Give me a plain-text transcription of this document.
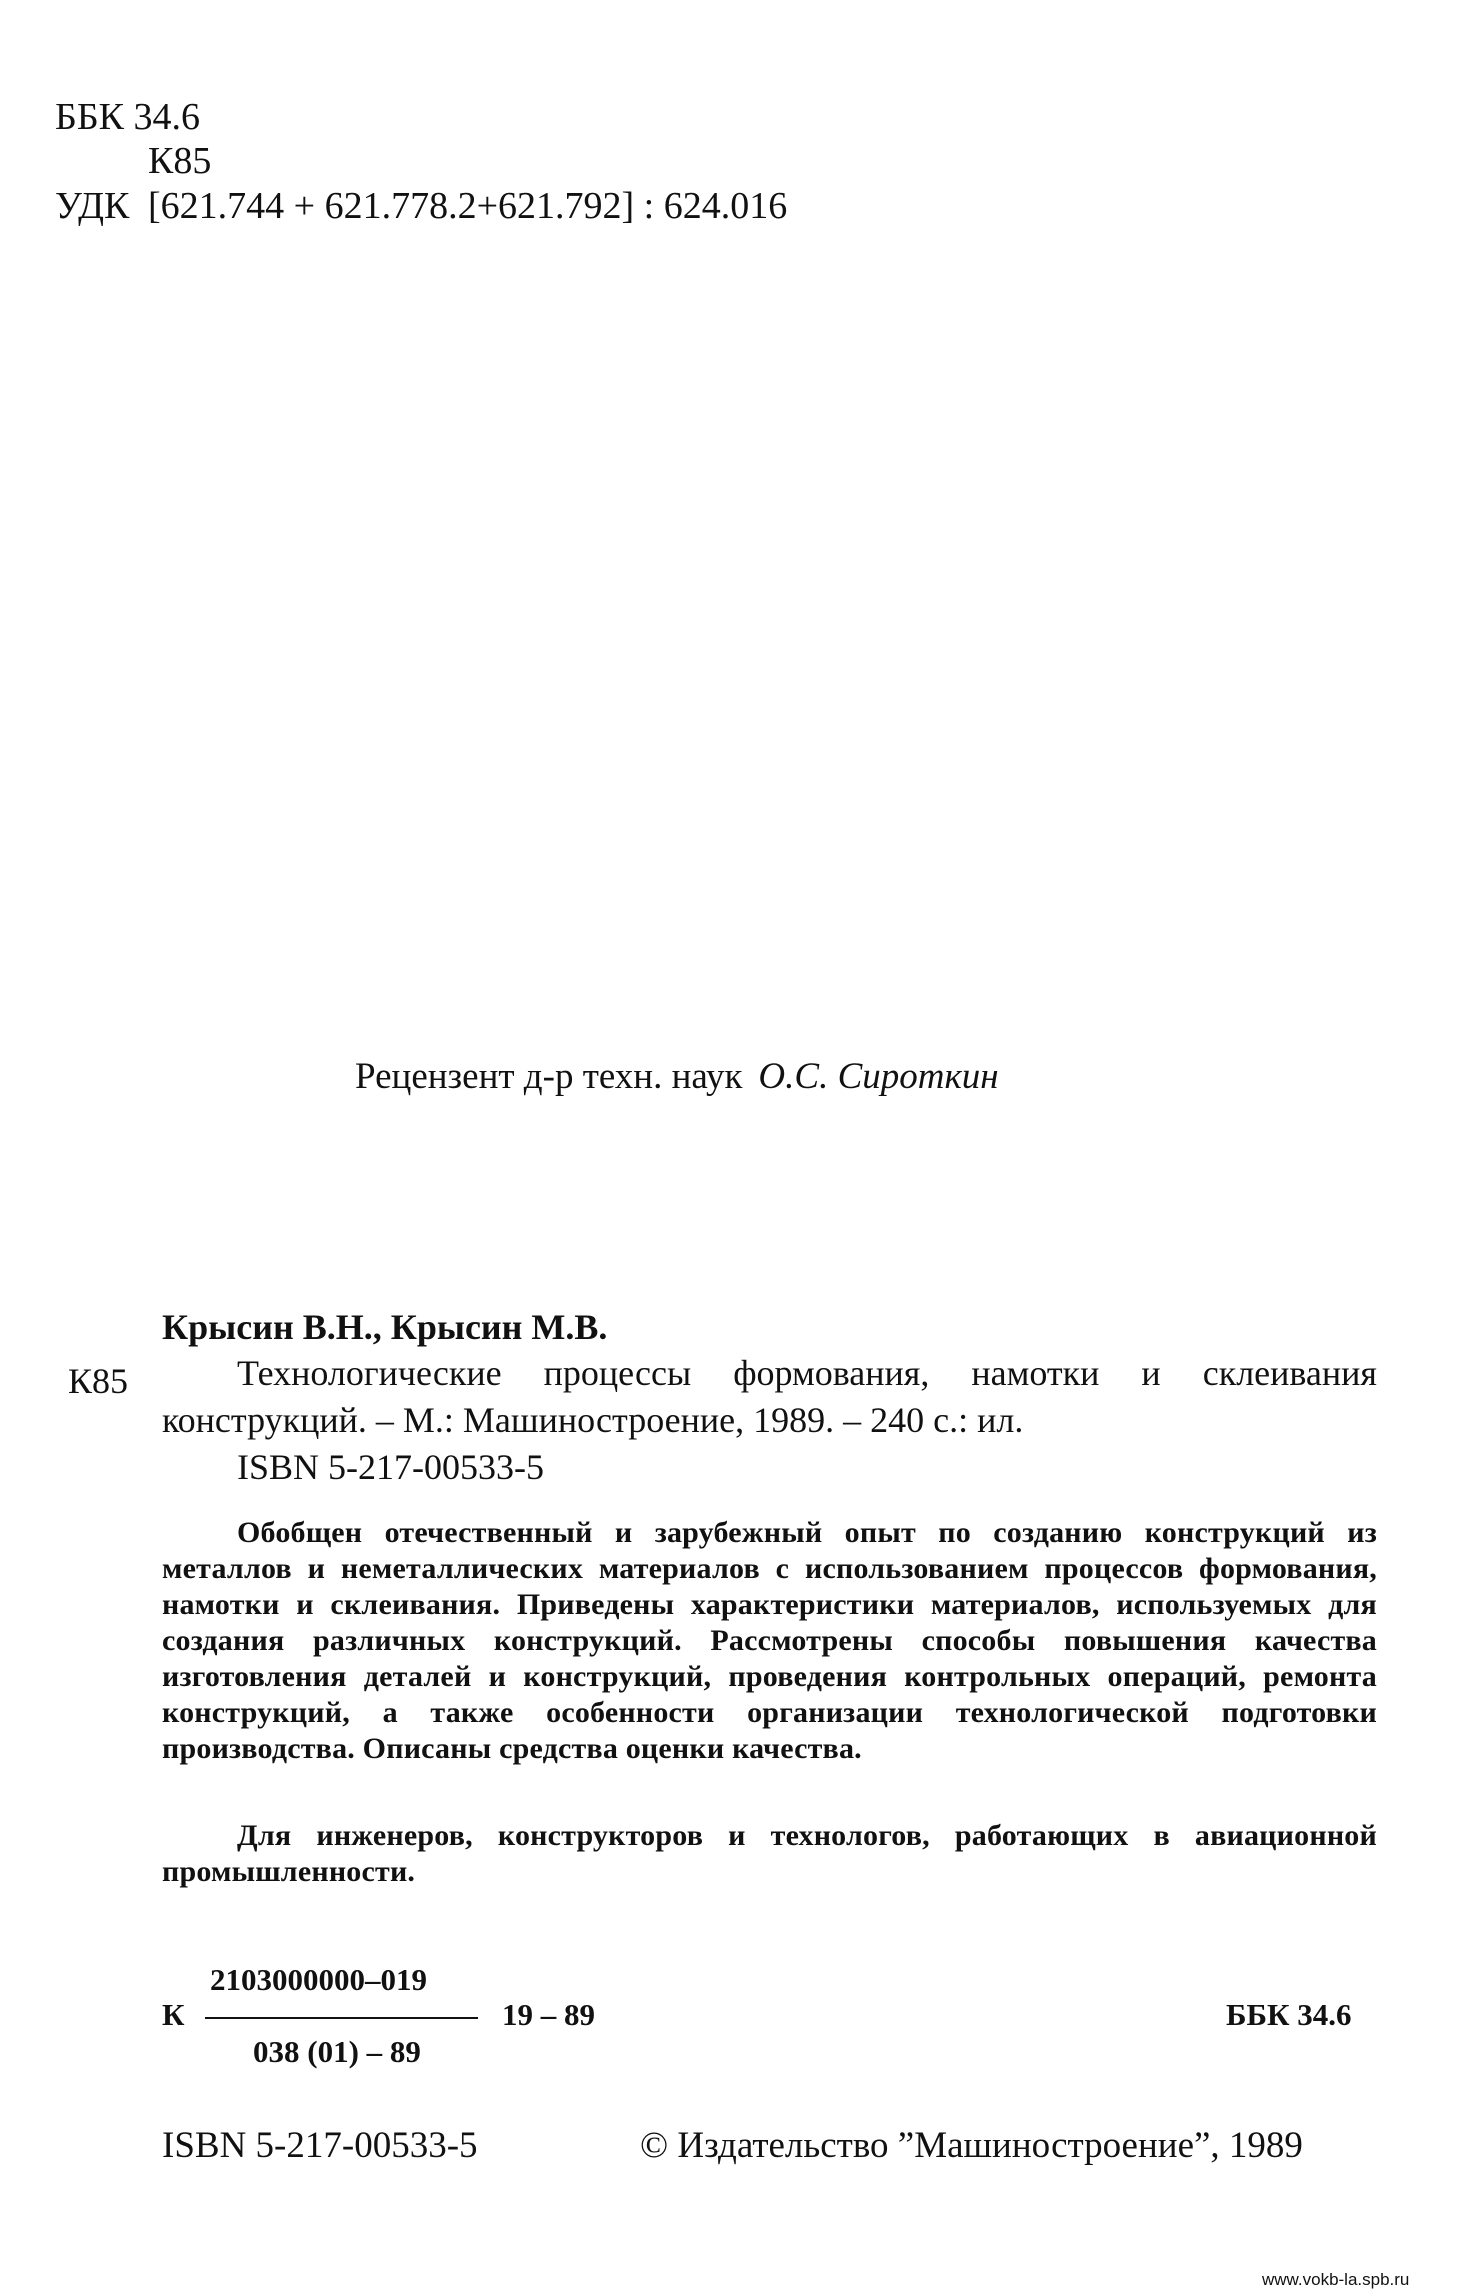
ББК 34.6
К85
УДК [621.744 + 621.778.2+621.792] : 624.016
Рецензент д-р техн. наук О.С. Сироткин
Крысин В.Н., Крысин М.В.
К85	Технологические процессы формования, намотки и склеивания конструкций. – М.: Машиностроение, 1989. – 240 с.: ил.
ISBN 5-217-00533-5
Обобщен отечественный и зарубежный опыт по созданию конструкций из металлов и неметаллических материалов с использованием процессов формования, намотки и склеивания. Приведены характеристики материалов, используемых для создания различных конструкций. Рассмотрены способы повышения качества изготовления деталей и конструкций, проведения контрольных операций, ремонта конструкций, а также особенности организации технологической подготовки производства. Описаны средства оценки качества.
Для инженеров, конструкторов и технологов, работающих в авиационной промышленности.
К
2103000000–019
038 (01) – 89
19 – 89	ББК 34.6
ISBN 5-217-00533-5	© Издательство ”Машиностроение”, 1989
www.vokb-la.spb.ru
